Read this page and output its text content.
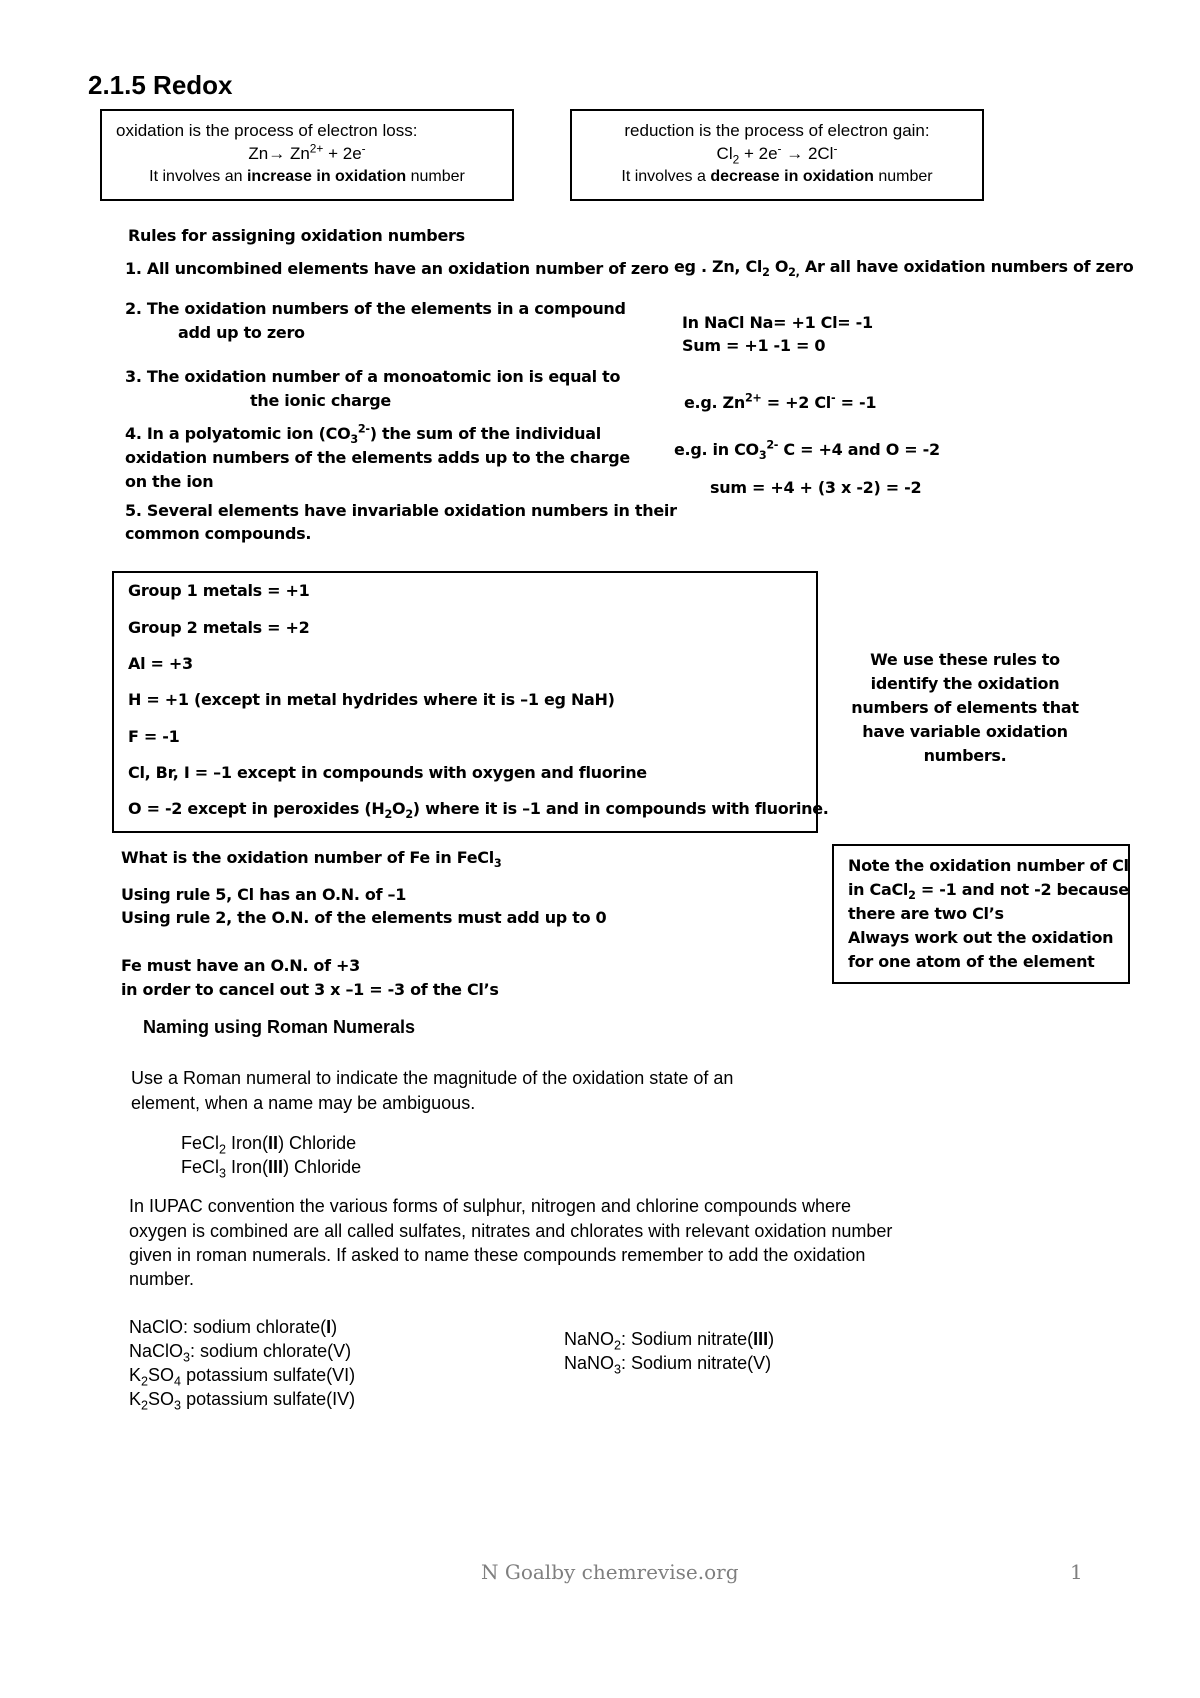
2.1.5 Redox
oxidation is the process of electron loss:
$Zn\to Zn^{2+} + 2e^-$
It involves an increase in oxidation number
reduction is the process of electron gain:
$Cl_2 + 2e^- \to 2Cl^-$
It involves a decrease in oxidation number
Rules for assigning oxidation numbers
1. All uncombined elements have an oxidation number of zero
2. The oxidation numbers of the elements in a compound
add up to zero
3. The oxidation number of a monoatomic ion is equal to
the ionic charge
4. In a polyatomic ion $(CO_3^{2-})$ the sum of the individual
oxidation numbers of the elements adds up to the charge
on the ion
5. Several elements have invariable oxidation numbers in their
common compounds.
eg . Zn, $Cl_2$ $O_{2,}$ Ar all have oxidation numbers of zero
In NaCl Na= +1 Cl= -1
Sum = +1 -1 = 0
e.g. $Zn^{2+} = +2$ Cl- = -1
e.g. in $CO_3^{2-}$ C = +4 and O = -2
sum = +4 + (3 x -2) = -2
Group 1 metals = +1
Group 2 metals = +2
Al = +3
H = +1 (except in metal hydrides where it is –1 eg NaH)
F = -1
Cl, Br, I = –1 except in compounds with oxygen and fluorine
O = -2 except in peroxides $(H_2O_2)$ where it is –1 and in compounds with fluorine.
We use these rules to
identify the oxidation
numbers of elements that
have variable oxidation
numbers.
What is the oxidation number of Fe in FeCl$_3$
Using rule 5, Cl has an O.N. of –1
Using rule 2, the O.N. of the elements must add up to 0
Fe must have an O.N. of +3
in order to cancel out 3 x –1 = -3 of the Cl’s
Note the oxidation number of Cl
in CaCl$_2$ = -1 and not -2 because
there are two Cl’s
Always work out the oxidation
for one atom of the element
Naming using Roman Numerals
Use a Roman numeral to indicate the magnitude of the oxidation state of an
element, when a name may be ambiguous.
FeCl$_2$ Iron(II) Chloride
FeCl$_3$ Iron(III) Chloride
In IUPAC convention the various forms of sulphur, nitrogen and chlorine compounds where
oxygen is combined are all called sulfates, nitrates and chlorates with relevant oxidation number
given in roman numerals. If asked to name these compounds remember to add the oxidation
number.
NaClO: sodium chlorate(I)
NaClO$_3$: sodium chlorate(V)
$K_2SO_4$ potassium sulfate(VI)
$K_2SO_3$ potassium sulfate(IV)
NaNO$_2$: Sodium nitrate(III)
NaNO$_3$: Sodium nitrate(V)
N Goalby chemrevise.org	1
